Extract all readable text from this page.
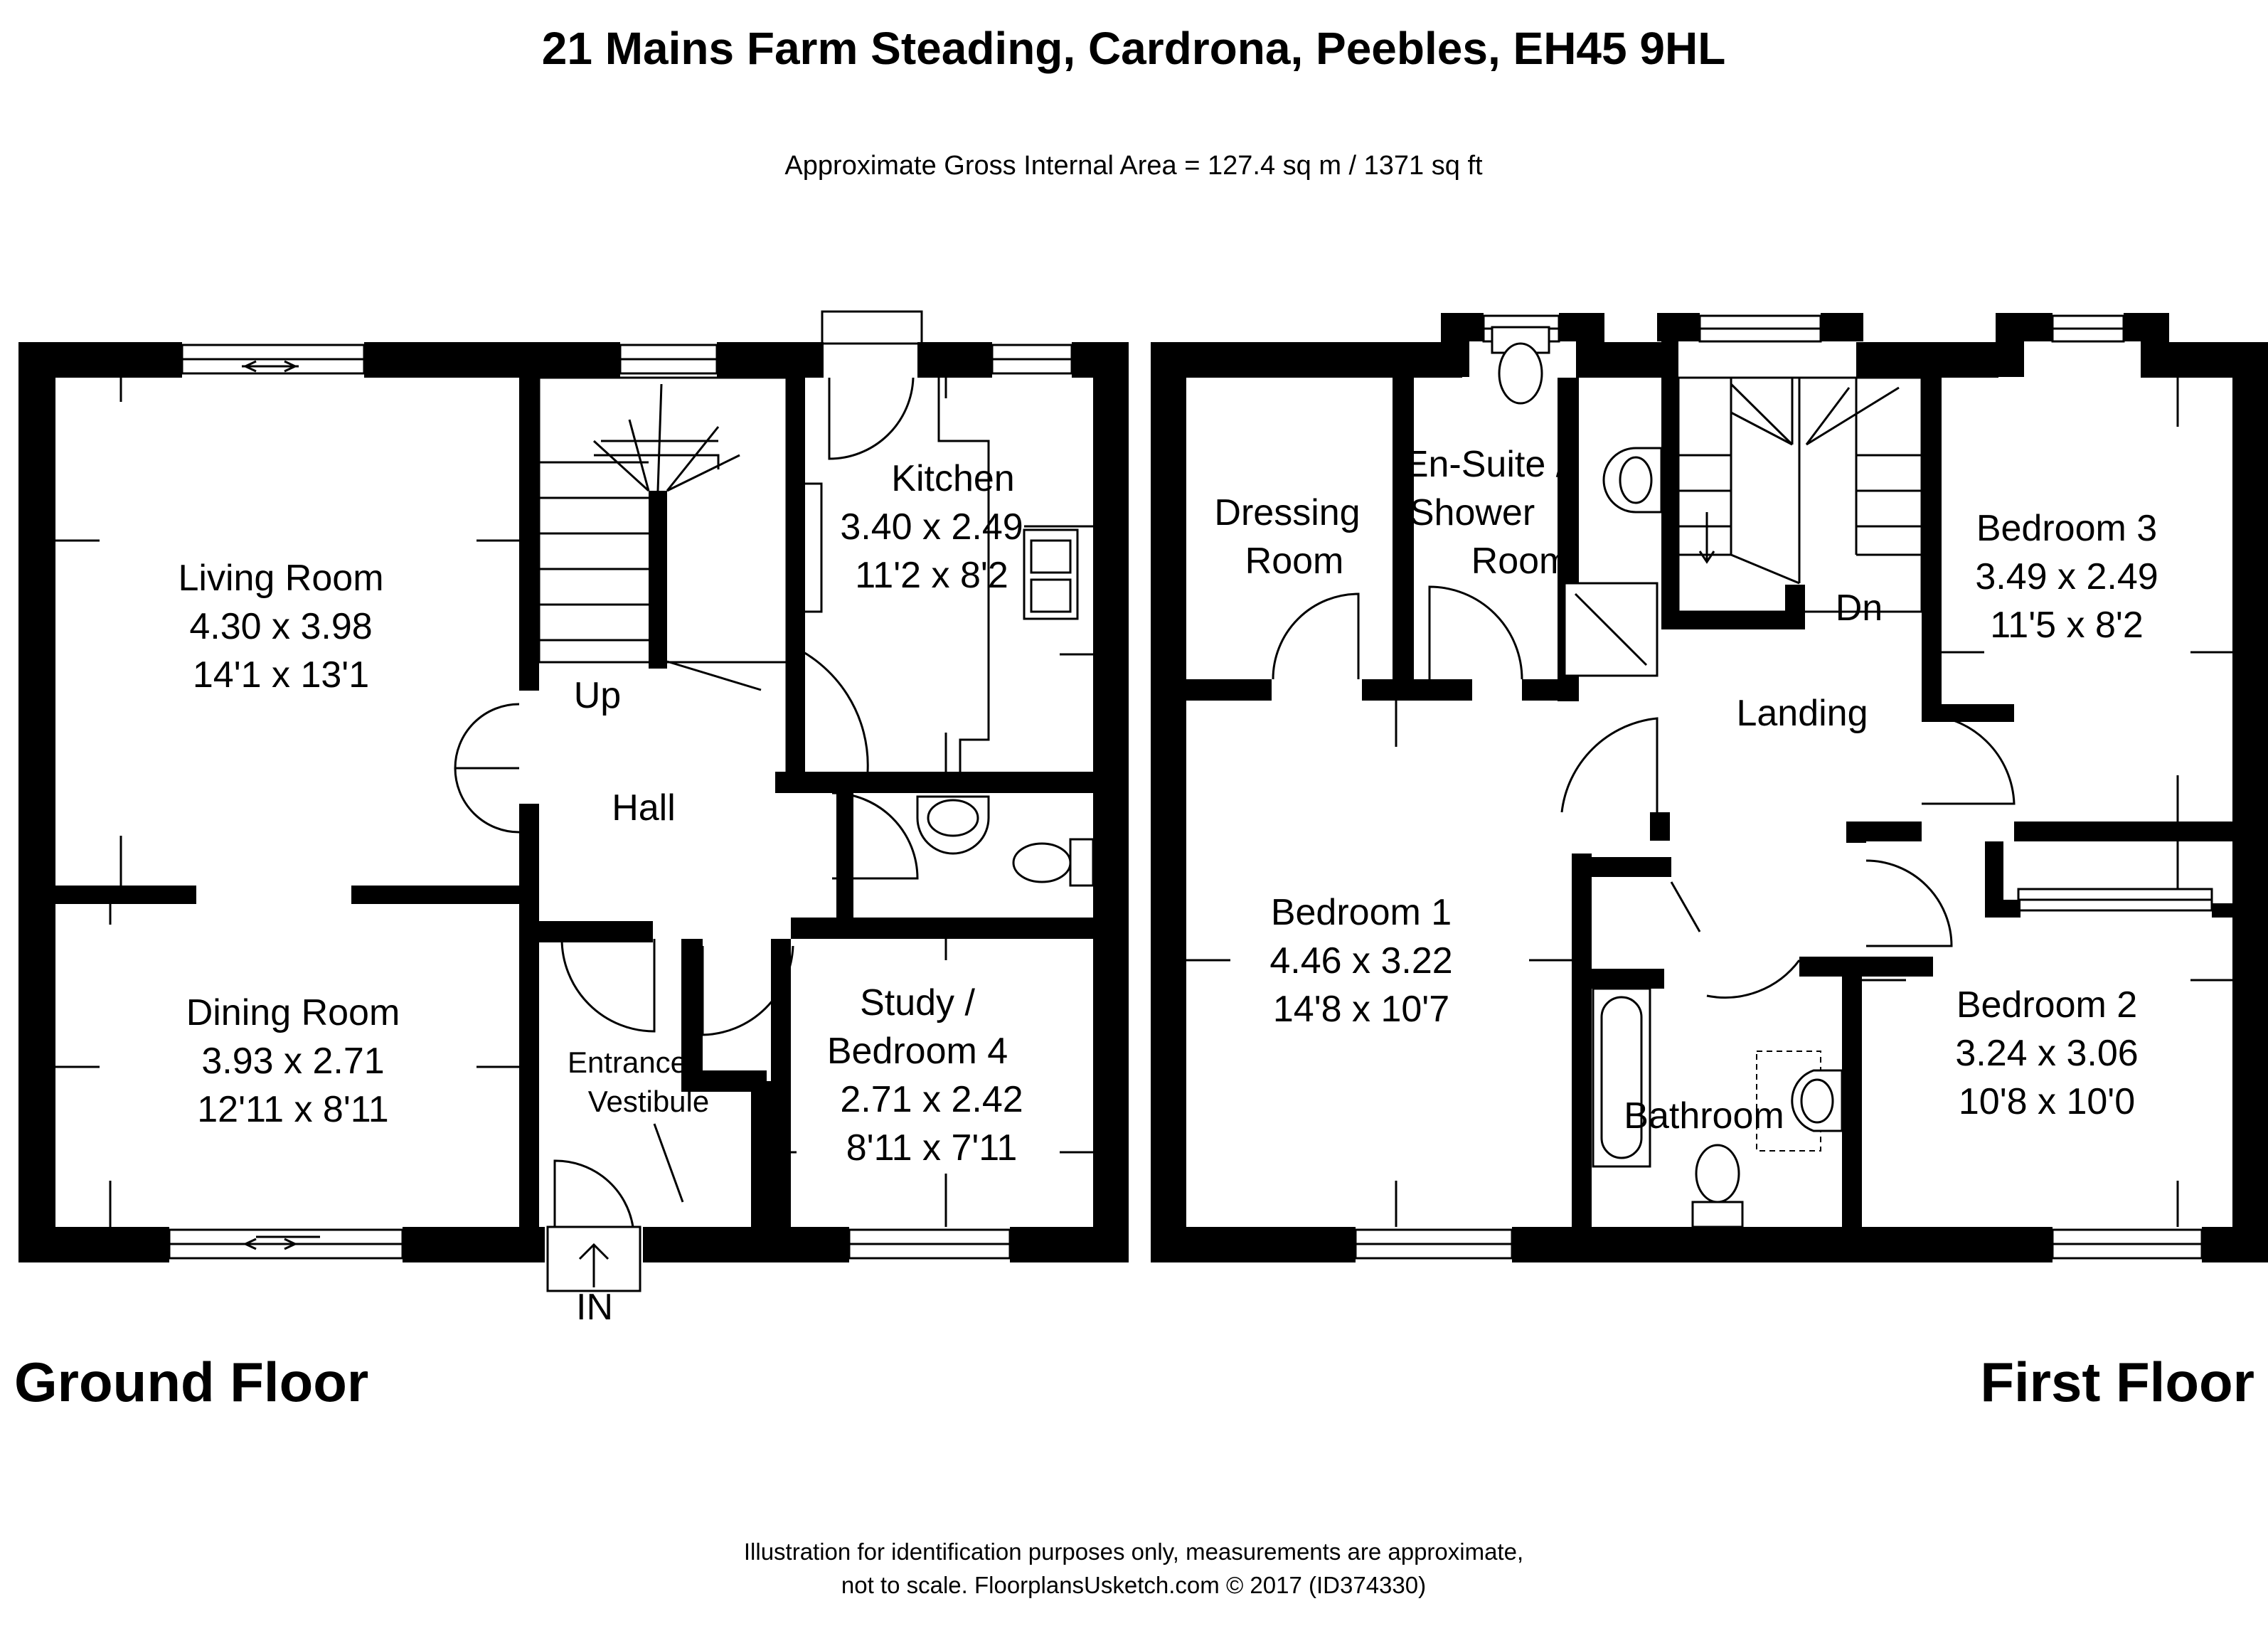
21 Mains Farm Steading, Cardrona, Peebles, EH45 9HL
Approximate Gross Internal Area = 127.4 sq m / 1371 sq ft
Living Room
4.30 x 3.98
14'1 x 13'1
Dining Room
3.93 x 2.71
12'11 x 8'11
Kitchen
3.40 x 2.49
11'2 x 8'2
Study /
Bedroom 4
2.71 x 2.42
8'11 x 7'11
Hall
Up
Entrance
Vestibule
IN
Ground Floor
Dressing
Room
En-Suite /
Shower
Room
Bedroom 1
4.46 x 3.22
14'8 x 10'7
Bedroom 3
3.49 x 2.49
11'5 x 8'2
Bedroom 2
3.24 x 3.06
10'8 x 10'0
Landing
Bathroom
Dn
First Floor
Illustration for identification purposes only, measurements are approximate,
not to scale. FloorplansUsketch.com © 2017 (ID374330)
